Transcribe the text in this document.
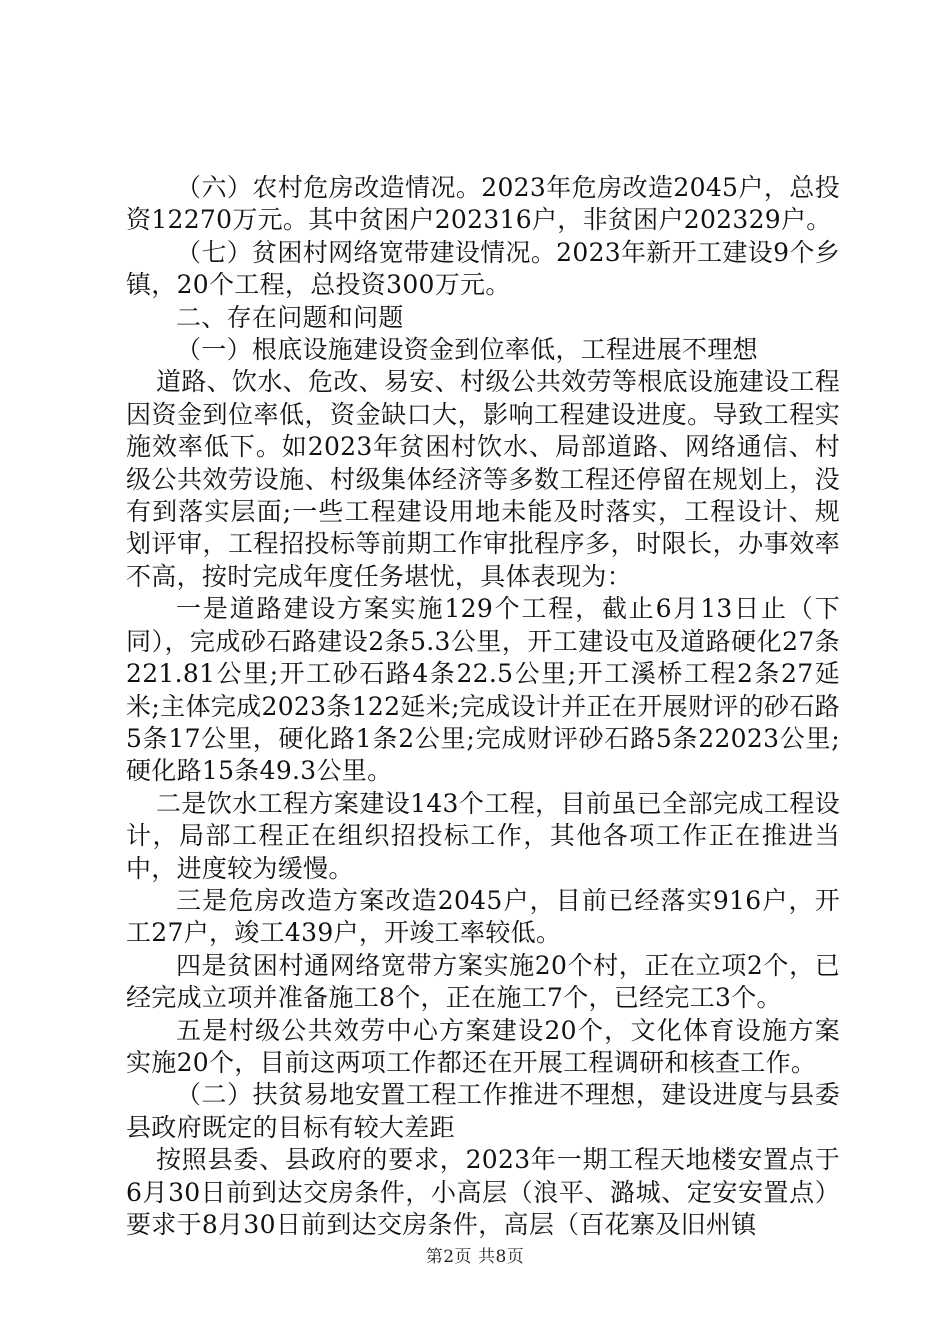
（六）农村危房改造情况。2023年危房改造2045户，总投资12270万元。其中贫困户202316户，非贫困户202329户。

（七）贫困村网络宽带建设情况。2023年新开工建设9个乡镇，20个工程，总投资300万元。

二、存在问题和问题

（一）根底设施建设资金到位率低，工程进展不理想

道路、饮水、危改、易安、村级公共效劳等根底设施建设工程因资金到位率低，资金缺口大，影响工程建设进度。导致工程实施效率低下。如2023年贫困村饮水、局部道路、网络通信、村级公共效劳设施、村级集体经济等多数工程还停留在规划上，没有到落实层面;一些工程建设用地未能及时落实，工程设计、规划评审，工程招投标等前期工作审批程序多，时限长，办事效率不高，按时完成年度任务堪忧，具体表现为：

一是道路建设方案实施129个工程，截止6月13日止（下同），完成砂石路建设2条5.3公里，开工建设屯及道路硬化27条221.81公里;开工砂石路4条22.5公里;开工溪桥工程2条27延米;主体完成2023条122延米;完成设计并正在开展财评的砂石路5条17公里，硬化路1条2公里;完成财评砂石路5条22023公里;硬化路15条49.3公里。

二是饮水工程方案建设143个工程，目前虽已全部完成工程设计，局部工程正在组织招投标工作，其他各项工作正在推进当中，进度较为缓慢。

三是危房改造方案改造2045户，目前已经落实916户，开工27户，竣工439户，开竣工率较低。

四是贫困村通网络宽带方案实施20个村，正在立项2个，已经完成立项并准备施工8个，正在施工7个，已经完工3个。

五是村级公共效劳中心方案建设20个，文化体育设施方案实施20个，目前这两项工作都还在开展工程调研和核查工作。

（二）扶贫易地安置工程工作推进不理想，建设进度与县委县政府既定的目标有较大差距

按照县委、县政府的要求，2023年一期工程天地楼安置点于6月30日前到达交房条件，小高层（浪平、潞城、定安安置点）要求于8月30日前到达交房条件，高层（百花寨及旧州镇

第2页 共8页
